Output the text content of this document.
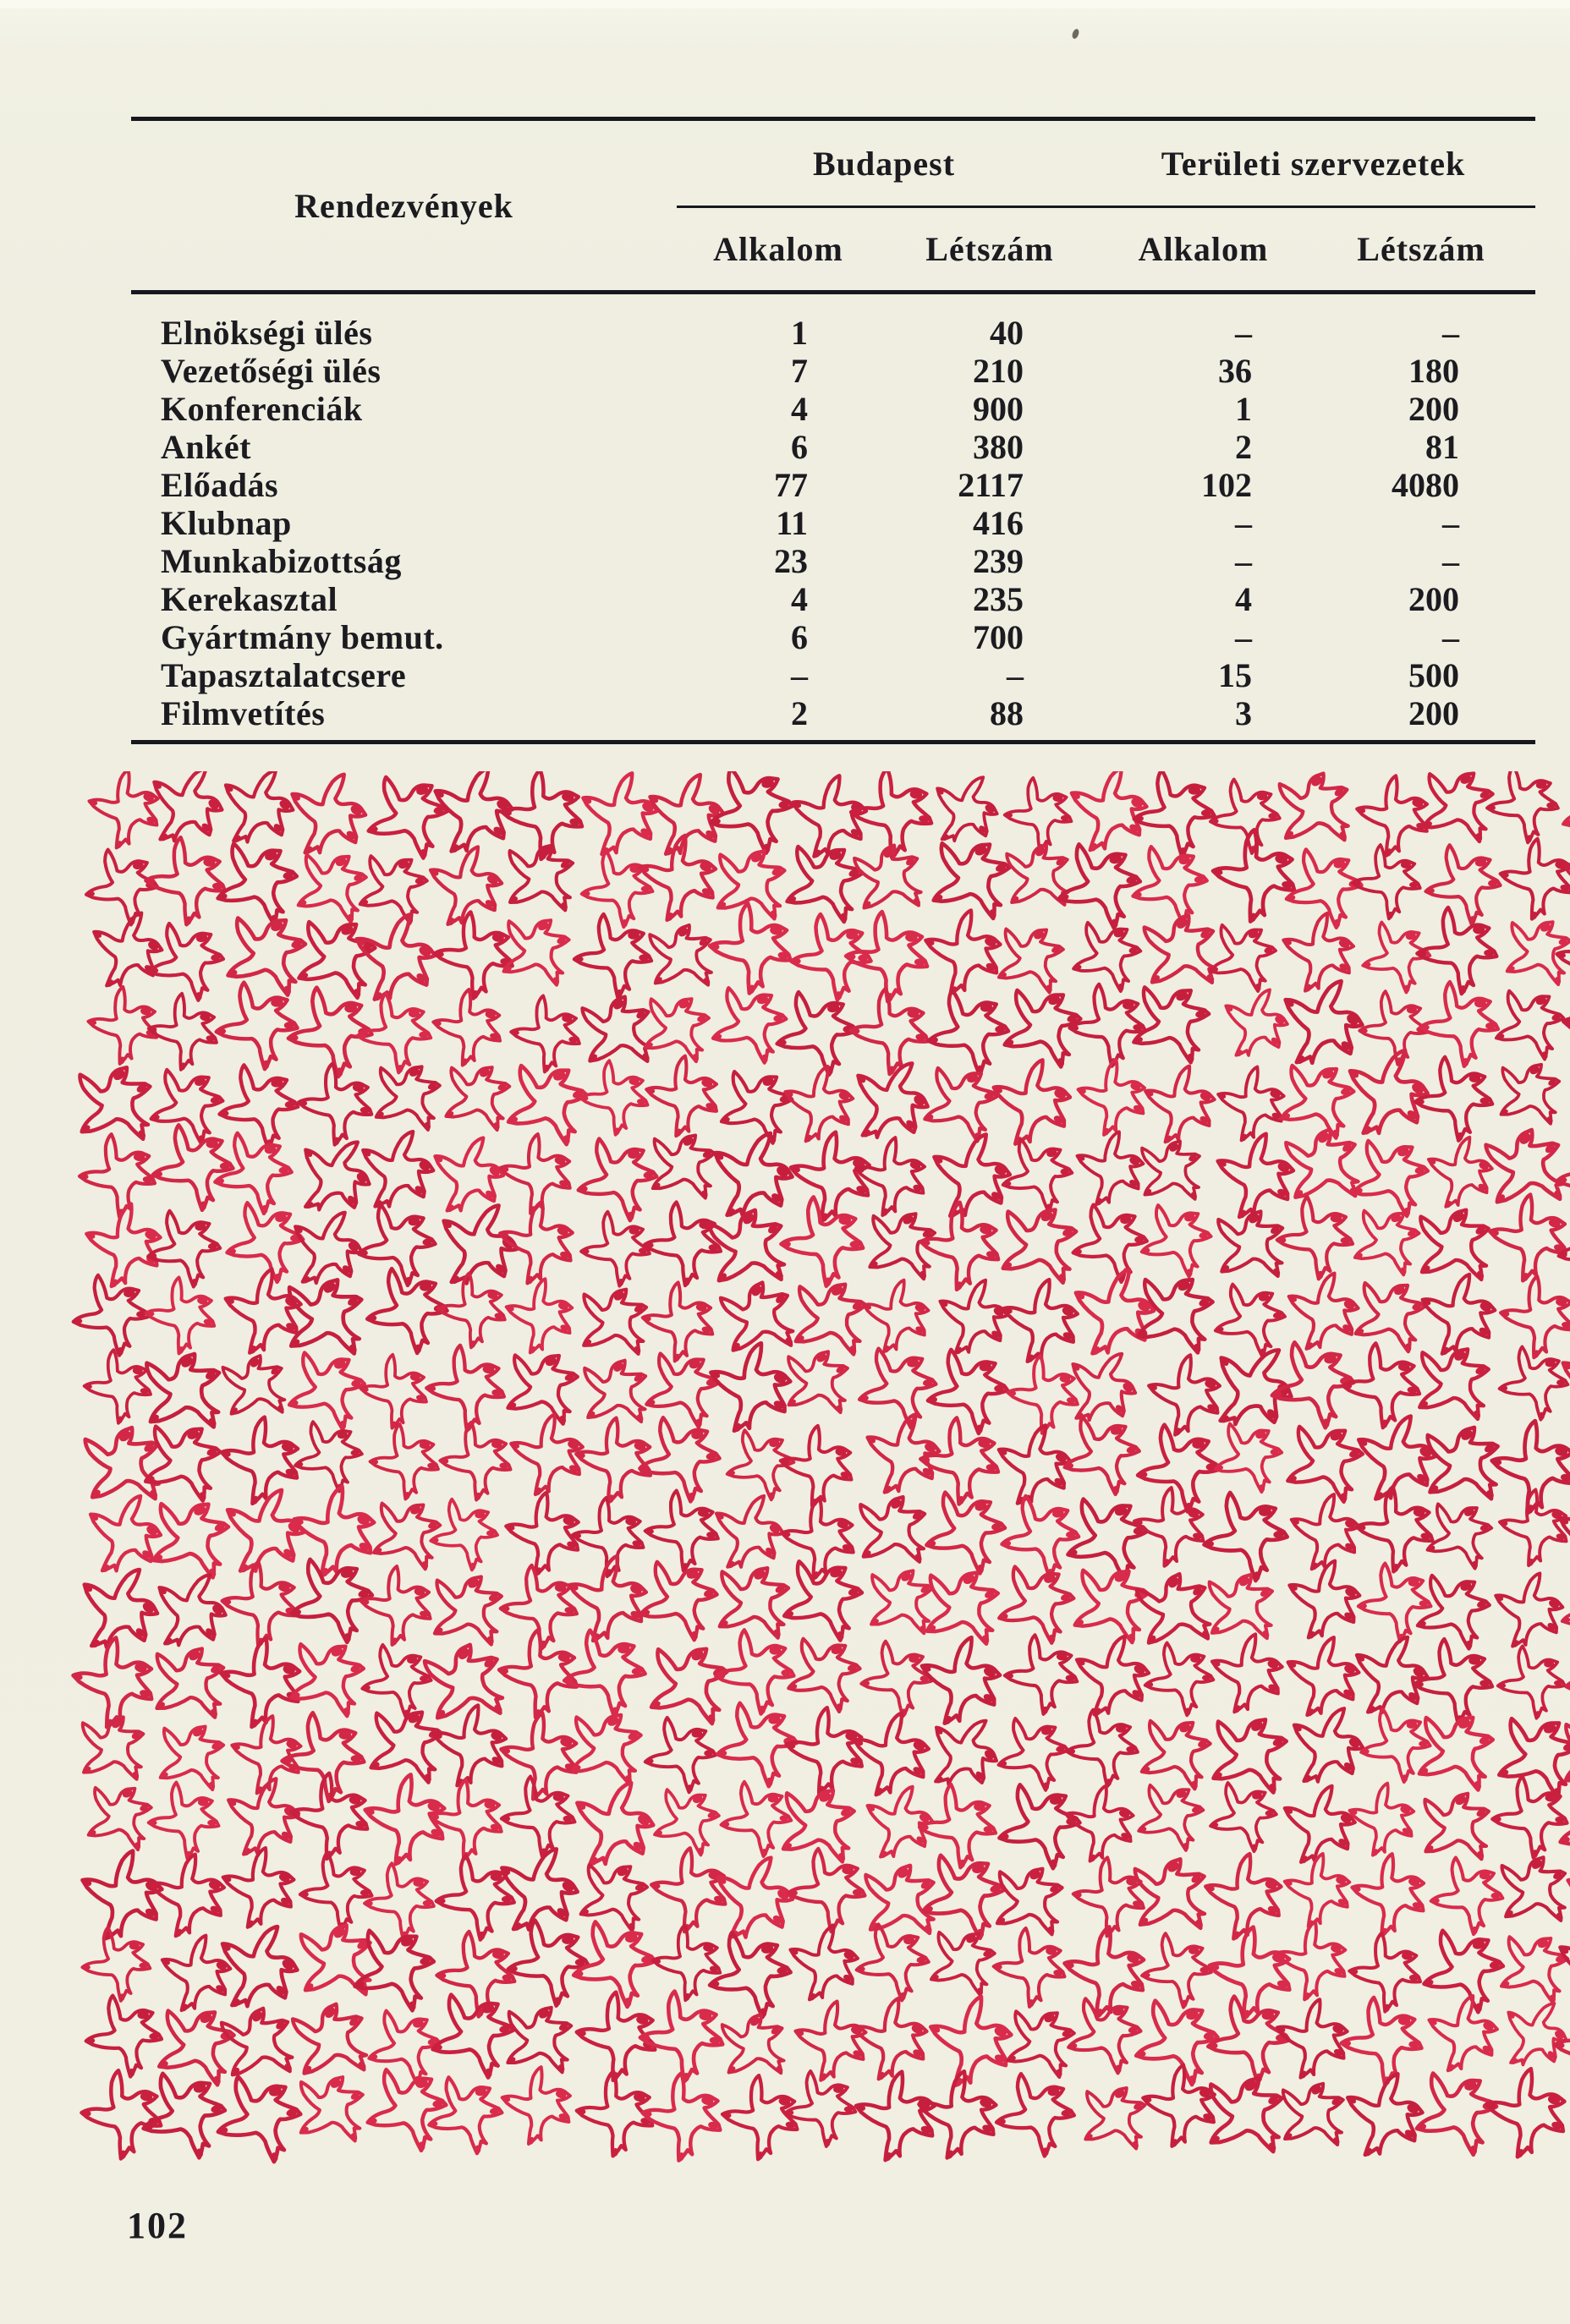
Rendezvények
Budapest	Területi szervezetek
Alkalom	Létszám	Alkalom	Létszám
Elnökségi ülés	1	40	–	–
Vezetőségi ülés	7	210	36	180
Konferenciák	4	900	1	200
Ankét	6	380	2	81
Előadás	77	2117	102	4080
Klubnap	11	416	–	–
Munkabizottság	23	239	–	–
Kerekasztal	4	235	4	200
Gyártmány bemut.	6	700	–	–
Tapasztalatcsere	–	–	15	500
Filmvetítés	2	88	3	200
102
